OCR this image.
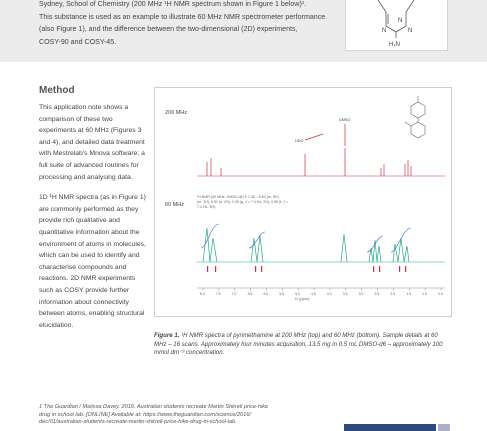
Sydney, School of Chemistry (200 MHz ¹H NMR spectrum shown in Figure 1 below)¹.
This substance is used as an example to illustrate 60 MHz NMR spectrometer performance
(also Figure 1), and the difference between the two-dimensional (2D) experiments,
COSY-90 and COSY-45.

N
N	N
H₂N
Method

This application note shows a comparison of these two experiments at 60 MHz (Figures 3 and 4), and detailed data treatment with Mestrelab's Mnova software; a full suite of advanced routines for processing and analysing data.

1D ¹H NMR spectra (as in Figure 1) are commonly performed as they provide rich qualitative and quantitative information about the environment of atoms in molecules, which can be used to identify and characterise compounds and reactions. 2D NMR experiments such as COSY provide further information about connectivity between atoms, enabling structural elucidation.

200 MHz
60 MHz
HDO
DMSO
¹H NMR (60 MHz, DMSO-d6) δ 7.48 – 6.63 (m, 5H)
(m, 2H), 6.51 (s, 2H), 2.09 (q, J = 7.4 Hz, 2H), 0.95 (t, J =
7.4 Hz, 3H).
8.0	7.5	7.0	6.5	6.0	5.5	5.0	4.5	4.0	3.5	3.0	2.5	2.0	1.5	1.0	0.5
f1 (ppm)

Figure 1. ¹H NMR spectra of pyrimethamine at 200 MHz (top) and 60 MHz (bottom). Sample details at 60 MHz – 16 scans. Approximately four minutes acquisition, 13.5 mg in 0.5 mL DMSO-d6 – approximately 100 mmol dm⁻³ concentration.

1 The Guardian / Melissa Davey. 2016. Australian students recreate Martin Shkreli price-hike
drug in school lab. [ONLINE] Available at: https://www.theguardian.com/science/2016/
dec/01/australian-students-recreate-martin-shkreli-price-hike-drug-in-school-lab.
